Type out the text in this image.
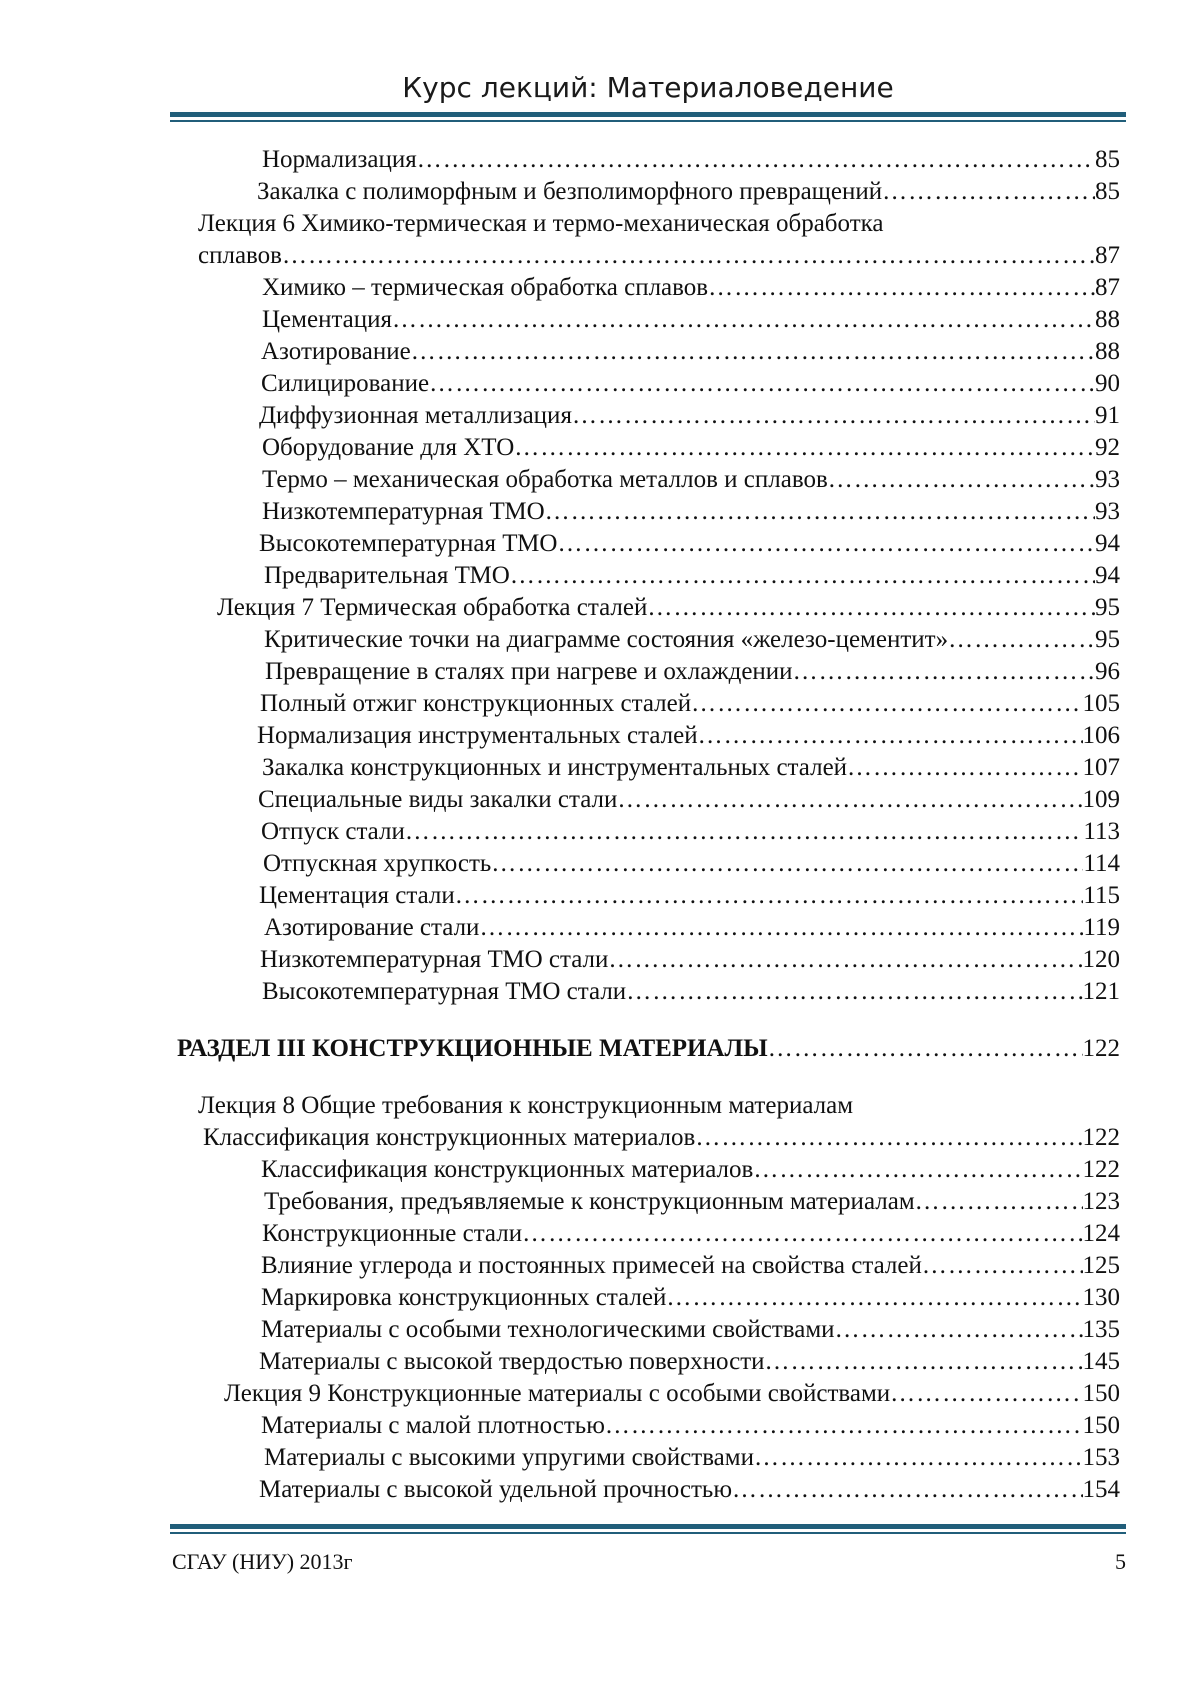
Курс лекций: Материаловедение
Нормализация …………………………………………………………………………………………………………………………………………………………………	85
Закалка с полиморфным и безполиморфного превращений …………………………………………………………………………………………………………………………………………………………………	85
Лекция 6 Химико-термическая и термо-механическая обработка
сплавов …………………………………………………………………………………………………………………………………………………………………	87
Химико – термическая обработка сплавов …………………………………………………………………………………………………………………………………………………………………	87
Цементация …………………………………………………………………………………………………………………………………………………………………	88
Азотирование …………………………………………………………………………………………………………………………………………………………………	88
Силицирование …………………………………………………………………………………………………………………………………………………………………	90
Диффузионная металлизация …………………………………………………………………………………………………………………………………………………………………	91
Оборудование для ХТО …………………………………………………………………………………………………………………………………………………………………	92
Термо – механическая обработка металлов и сплавов …………………………………………………………………………………………………………………………………………………………………	93
Низкотемпературная ТМО …………………………………………………………………………………………………………………………………………………………………	93
Высокотемпературная ТМО …………………………………………………………………………………………………………………………………………………………………	94
Предварительная ТМО …………………………………………………………………………………………………………………………………………………………………	94
Лекция 7 Термическая обработка сталей …………………………………………………………………………………………………………………………………………………………………	95
Критические точки на диаграмме состояния «железо-цементит» …………………………………………………………………………………………………………………………………………………………………	95
Превращение в сталях при нагреве и охлаждении …………………………………………………………………………………………………………………………………………………………………	96
Полный отжиг конструкционных сталей …………………………………………………………………………………………………………………………………………………………………	105
Нормализация инструментальных сталей …………………………………………………………………………………………………………………………………………………………………	106
Закалка конструкционных и инструментальных сталей …………………………………………………………………………………………………………………………………………………………………	107
Специальные виды закалки стали …………………………………………………………………………………………………………………………………………………………………	109
Отпуск стали …………………………………………………………………………………………………………………………………………………………………	113
Отпускная хрупкость …………………………………………………………………………………………………………………………………………………………………	114
Цементация стали …………………………………………………………………………………………………………………………………………………………………	115
Азотирование стали …………………………………………………………………………………………………………………………………………………………………	119
Низкотемпературная ТМО стали …………………………………………………………………………………………………………………………………………………………………	120
Высокотемпературная ТМО стали …………………………………………………………………………………………………………………………………………………………………	121
РАЗДЕЛ III КОНСТРУКЦИОННЫЕ МАТЕРИАЛЫ …………………………………………………………………………………………………………………………………………………………………	122
Лекция 8 Общие требования к конструкционным материалам
Классификация конструкционных материалов …………………………………………………………………………………………………………………………………………………………………	122
Классификация конструкционных материалов …………………………………………………………………………………………………………………………………………………………………	122
Требования, предъявляемые к конструкционным материалам …………………………………………………………………………………………………………………………………………………………………	123
Конструкционные стали …………………………………………………………………………………………………………………………………………………………………	124
Влияние углерода и постоянных примесей на свойства сталей …………………………………………………………………………………………………………………………………………………………………	125
Маркировка конструкционных сталей …………………………………………………………………………………………………………………………………………………………………	130
Материалы с особыми технологическими свойствами …………………………………………………………………………………………………………………………………………………………………	135
Материалы с высокой твердостью поверхности …………………………………………………………………………………………………………………………………………………………………	145
Лекция 9 Конструкционные материалы с особыми свойствами …………………………………………………………………………………………………………………………………………………………………	150
Материалы с малой плотностью …………………………………………………………………………………………………………………………………………………………………	150
Материалы с высокими упругими свойствами …………………………………………………………………………………………………………………………………………………………………	153
Материалы с высокой удельной прочностью …………………………………………………………………………………………………………………………………………………………………	154
СГАУ (НИУ) 2013г	5
